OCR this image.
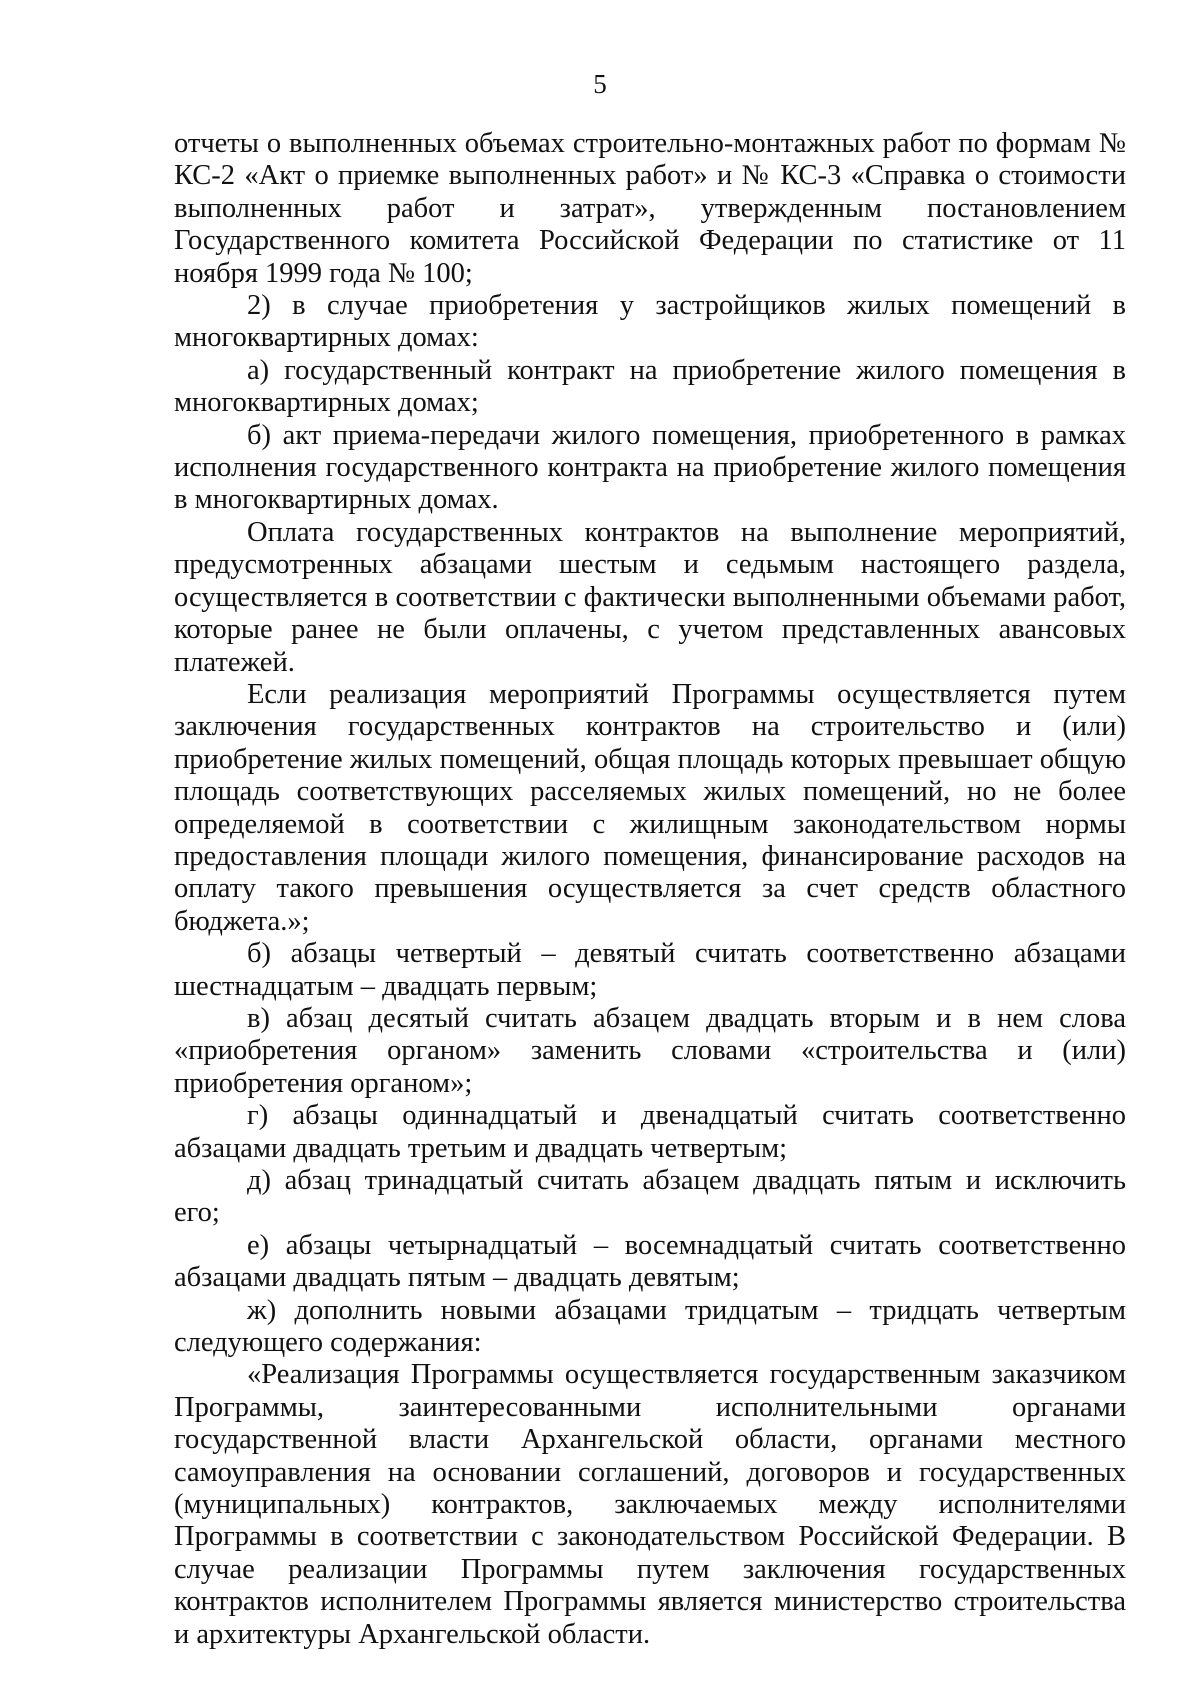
5

отчеты о выполненных объемах строительно-монтажных работ по формам № КС-2 «Акт о приемке выполненных работ» и № КС-3 «Справка о стоимости выполненных работ и затрат», утвержденным постановлением Государственного комитета Российской Федерации по статистике от 11 ноября 1999 года № 100;

2) в случае приобретения у застройщиков жилых помещений в многоквартирных домах:

а) государственный контракт на приобретение жилого помещения в многоквартирных домах;

б) акт приема-передачи жилого помещения, приобретенного в рамках исполнения государственного контракта на приобретение жилого помещения в многоквартирных домах.

Оплата государственных контрактов на выполнение мероприятий, предусмотренных абзацами шестым и седьмым настоящего раздела, осуществляется в соответствии с фактически выполненными объемами работ, которые ранее не были оплачены, с учетом представленных авансовых платежей.

Если реализация мероприятий Программы осуществляется путем заключения государственных контрактов на строительство и (или) приобретение жилых помещений, общая площадь которых превышает общую площадь соответствующих расселяемых жилых помещений, но не более определяемой в соответствии с жилищным законодательством нормы предоставления площади жилого помещения, финансирование расходов на оплату такого превышения осуществляется за счет средств областного бюджета.»;

б) абзацы четвертый – девятый считать соответственно абзацами шестнадцатым – двадцать первым;

в) абзац десятый считать абзацем двадцать вторым и в нем слова «приобретения органом» заменить словами «строительства и (или) приобретения органом»;

г) абзацы одиннадцатый и двенадцатый считать соответственно абзацами двадцать третьим и двадцать четвертым;

д) абзац тринадцатый считать абзацем двадцать пятым и исключить его;

е) абзацы четырнадцатый – восемнадцатый считать соответственно абзацами двадцать пятым – двадцать девятым;

ж) дополнить новыми абзацами тридцатым – тридцать четвертым следующего содержания:

«Реализация Программы осуществляется государственным заказчиком Программы, заинтересованными исполнительными органами государственной власти Архангельской области, органами местного самоуправления на основании соглашений, договоров и государственных (муниципальных) контрактов, заключаемых между исполнителями Программы в соответствии с законодательством Российской Федерации. В случае реализации Программы путем заключения государственных контрактов исполнителем Программы является министерство строительства и архитектуры Архангельской области.
